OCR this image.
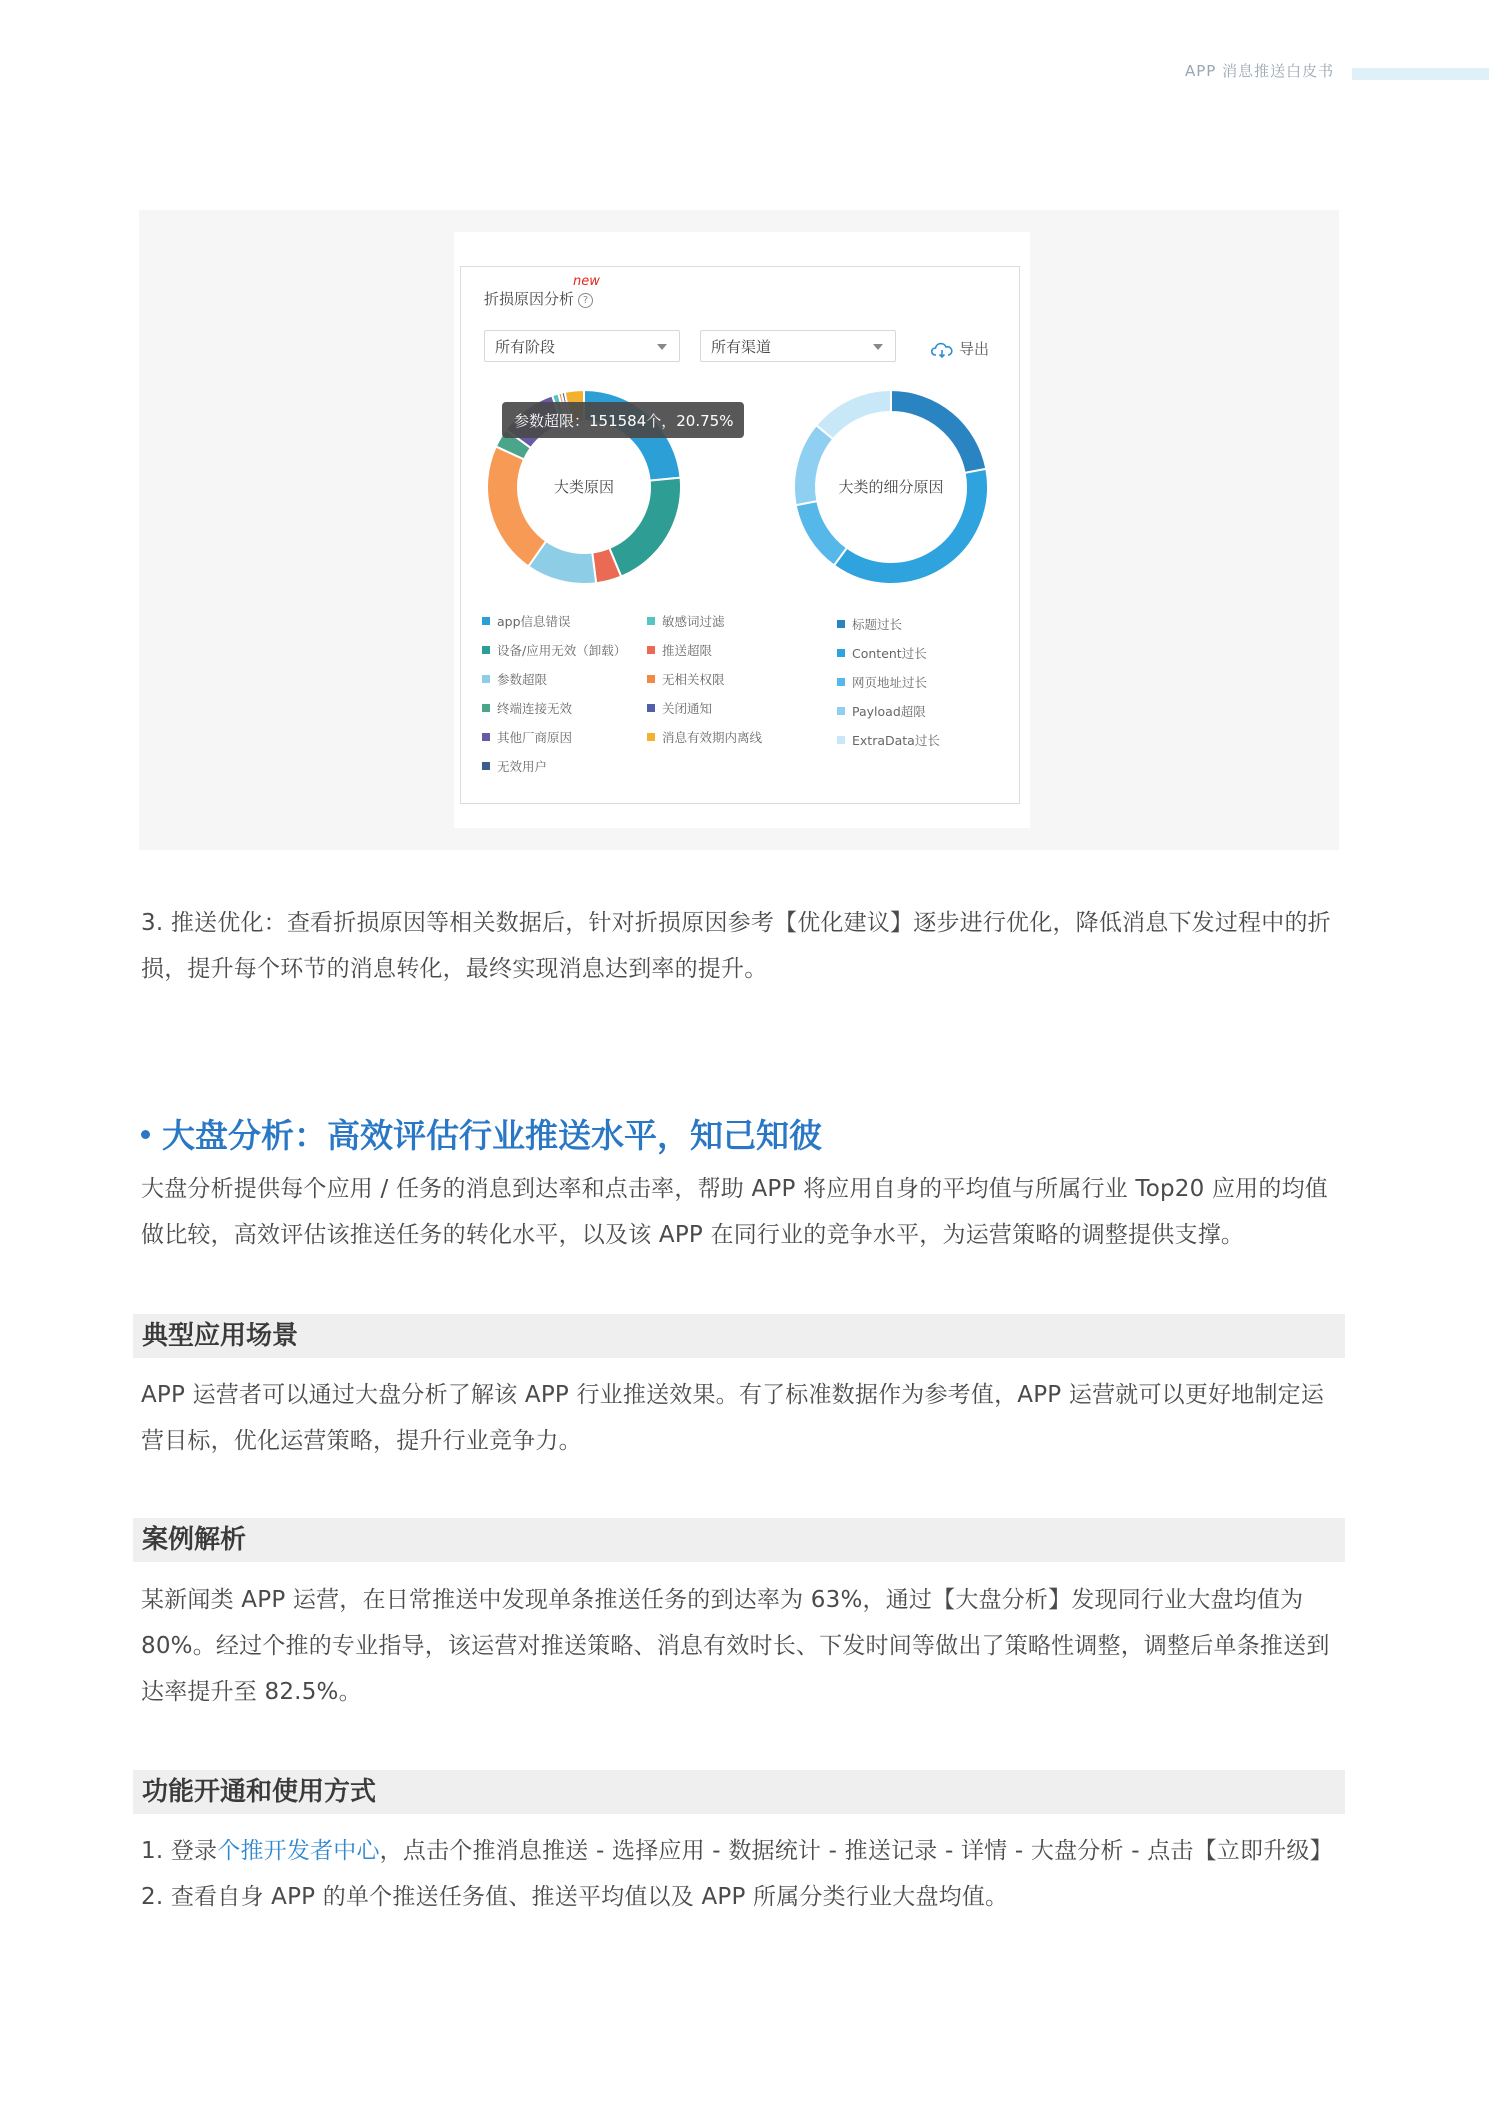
APP 消息推送白皮书
new
折损原因分析 ?
所有阶段	所有渠道	导出
大类原因	大类的细分原因
参数超限：151584个，20.75%
app信息错误	敏感词过滤
设备/应用无效（卸载）	推送超限
参数超限	无相关权限
终端连接无效	关闭通知
其他厂商原因	消息有效期内离线
无效用户
标题过长
Content过长
网页地址过长
Payload超限
ExtraData过长
3. 推送优化：查看折损原因等相关数据后，针对折损原因参考【优化建议】逐步进行优化，降低消息下发过程中的折损，提升每个环节的消息转化，最终实现消息达到率的提升。
大盘分析：高效评估行业推送水平，知己知彼
大盘分析提供每个应用 / 任务的消息到达率和点击率，帮助 APP 将应用自身的平均值与所属行业 Top20 应用的均值做比较，高效评估该推送任务的转化水平，以及该 APP 在同行业的竞争水平，为运营策略的调整提供支撑。
典型应用场景
APP 运营者可以通过大盘分析了解该 APP 行业推送效果。有了标准数据作为参考值，APP 运营就可以更好地制定运营目标，优化运营策略，提升行业竞争力。
案例解析
某新闻类 APP 运营，在日常推送中发现单条推送任务的到达率为 63%，通过【大盘分析】发现同行业大盘均值为 80%。经过个推的专业指导，该运营对推送策略、消息有效时长、下发时间等做出了策略性调整，调整后单条推送到达率提升至 82.5%。
功能开通和使用方式
1. 登录个推开发者中心，点击个推消息推送 - 选择应用 - 数据统计 - 推送记录 - 详情 - 大盘分析 - 点击【立即升级】
2. 查看自身 APP 的单个推送任务值、推送平均值以及 APP 所属分类行业大盘均值。
